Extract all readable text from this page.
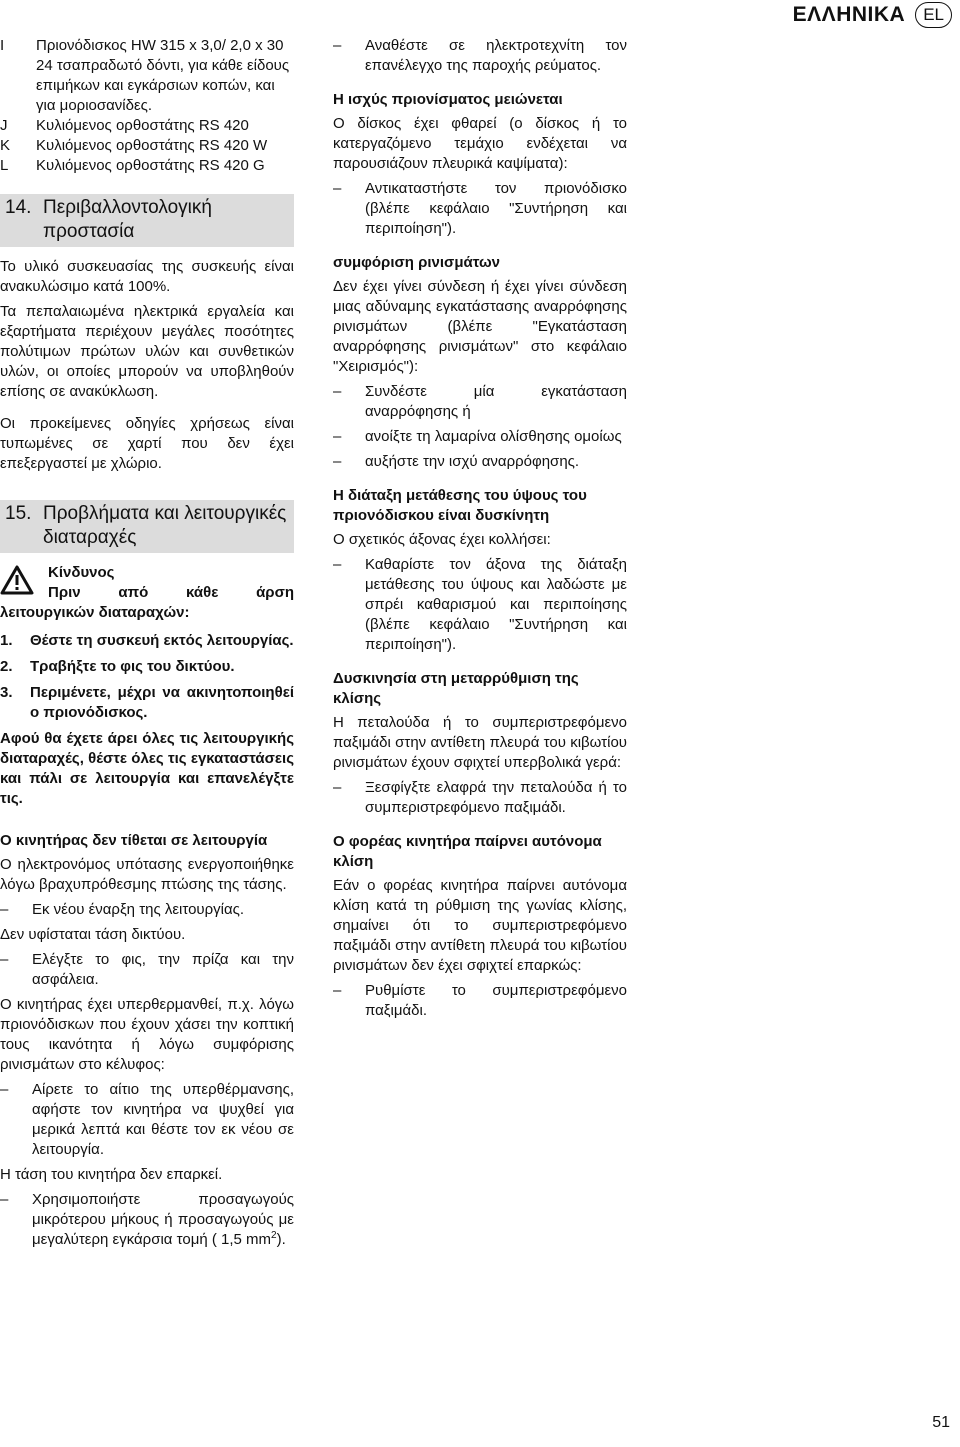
ΕΛΛΗΝΙΚΑ	EL
I	Πριονόδισκος HW 315 x 3,0/ 2,0 x 30 24 τσαπραδωτό δόντι, για κάθε είδους επιμήκων και εγκάρσιων κοπών, και για μοριοσανίδες.
J	Κυλιόμενος ορθοστάτης RS 420
K	Κυλιόμενος ορθοστάτης RS 420 W
L	Κυλιόμενος ορθοστάτης RS 420 G
14. Περιβαλλοντολογική προστασία

Το υλικό συσκευασίας της συσκευής είναι ανακυλώσιμο κατά 100%.

Τα πεπαλαιωμένα ηλεκτρικά εργαλεία και εξαρτήματα περιέχουν μεγάλες ποσότητες πολύτιμων πρώτων υλών και συνθετικών υλών, οι οποίες μπορούν να υποβληθούν επίσης σε ανακύκλωση.

Οι προκείμενες οδηγίες χρήσεως είναι τυπωμένες σε χαρτί που δεν έχει επεξεργαστεί με χλώριο.

15. Προβλήματα και λειτουργικές διαταραχές
Κίνδυνος
Πριν από κάθε άρση

λειτουργικών διαταραχών:

1.	Θέστε τη συσκευή εκτός λειτουργίας.
2.	Τραβήξτε το φις του δικτύου.
3.	Περιμένετε, μέχρι να ακινητοποιηθεί ο πριονόδισκος.

Αφού θα έχετε άρει όλες τις λειτουργικής διαταραχές, θέστε όλες τις εγκαταστάσεις και πάλι σε λειτουργία και επανελέγξτε τις.

Ο κινητήρας δεν τίθεται σε λειτουργία

Ο ηλεκτρονόμος υπότασης ενεργοποιήθηκε λόγω βραχυπρόθεσμης πτώσης της τάσης.

–	Εκ νέου έναρξη της λειτουργίας.

Δεν υφίσταται τάση δικτύου.

–	Ελέγξτε το φις, την πρίζα και την ασφάλεια.

Ο κινητήρας έχει υπερθερμανθεί, π.χ. λόγω πριονόδισκων που έχουν χάσει την κοπτική τους ικανότητα ή λόγω συμφόρισης ρινισμάτων στο κέλυφος:

–	Αίρετε το αίτιο της υπερθέρμανσης, αφήστε τον κινητήρα να ψυχθεί για μερικά λεπτά και θέστε τον εκ νέου σε λειτουργία.

Η τάση του κινητήρα δεν επαρκεί.

–	Χρησιμοποιήστε προσαγωγούς μικρότερου μήκους ή προσαγωγούς με μεγαλύτερη εγκάρσια τομή ( 1,5 $mm^2$).
–	Αναθέστε σε ηλεκτροτεχνίτη τον επανέλεγχο της παροχής ρεύματος.
Η ισχύς πριονίσματος μειώνεται

Ο δίσκος έχει φθαρεί (ο δίσκος ή το κατεργαζόμενο τεμάχιο ενδέχεται να παρουσιάζουν πλευρικά καψίματα):

–	Αντικαταστήστε τον πριονόδισκο (βλέπε κεφάλαιο "Συντήρηση και περιποίηση").
συμφόριση ρινισμάτων

Δεν έχει γίνει σύνδεση ή έχει γίνει σύνδεση μιας αδύναμης εγκατάστασης αναρρόφησης ρινισμάτων (βλέπε "Εγκατάσταση αναρρόφησης ρινισμάτων" στο κεφάλαιο "Χειρισμός"):

–	Συνδέστε μία εγκατάσταση αναρρόφησης ή
–	ανοίξτε τη λαμαρίνα ολίσθησης ομοίως
–	αυξήστε την ισχύ αναρρόφησης.
Η διάταξη μετάθεσης του ύψους του πριονόδισκου είναι δυσκίνητη

Ο σχετικός άξονας έχει κολλήσει:

–	Καθαρίστε τον άξονα της διάταξη μετάθεσης του ύψους και λαδώστε με σπρέι καθαρισμού και περιποίησης (βλέπε κεφάλαιο "Συντήρηση και περιποίηση").
Δυσκινησία στη μεταρρύθμιση της κλίσης

Η πεταλούδα ή το συμπεριστρεφόμενο παξιμάδι στην αντίθετη πλευρά του κιβωτίου ρινισμάτων έχουν σφιχτεί υπερβολικά γερά:

–	Ξεσφίγξτε ελαφρά την πεταλούδα ή το συμπεριστρεφόμενο παξιμάδι.
Ο φορέας κινητήρα παίρνει αυτόνομα κλίση

Εάν ο φορέας κινητήρα παίρνει αυτόνομα κλίση κατά τη ρύθμιση της γωνίας κλίσης, σημαίνει ότι το συμπεριστρεφόμενο παξιμάδι στην αντίθετη πλευρά του κιβωτίου ρινισμάτων δεν έχει σφιχτεί επαρκώς:

–	Ρυθμίστε το συμπεριστρεφόμενο παξιμάδι.
51
